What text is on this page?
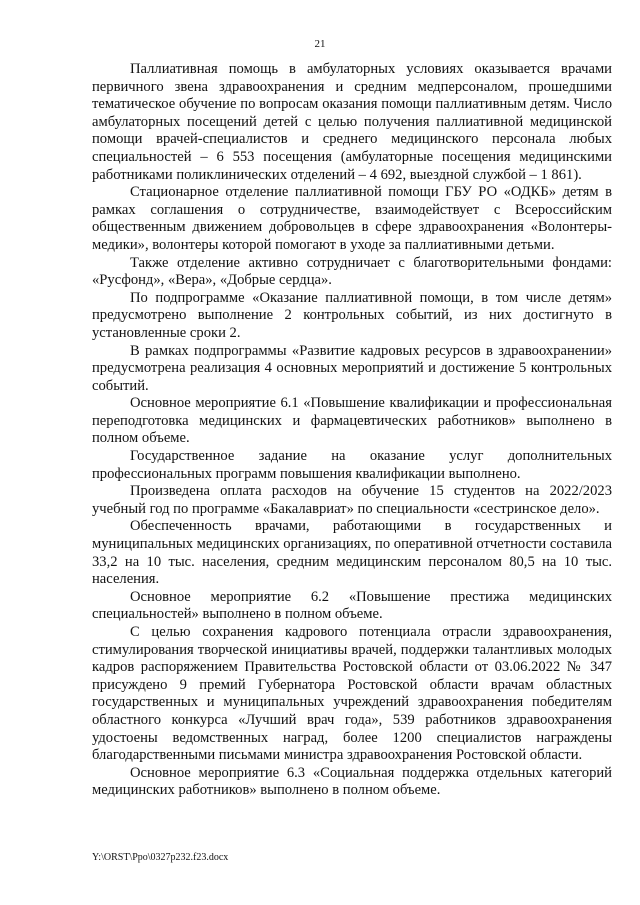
21

Паллиативная помощь в амбулаторных условиях оказывается врачами первичного звена здравоохранения и средним медперсоналом, прошедшими тематическое обучение по вопросам оказания помощи паллиативным детям. Число амбулаторных посещений детей с целью получения паллиативной медицинской помощи врачей-специалистов и среднего медицинского персонала любых специальностей – 6 553 посещения (амбулаторные посещения медицинскими работниками поликлинических отделений – 4 692, выездной службой – 1 861).

Стационарное отделение паллиативной помощи ГБУ РО «ОДКБ» детям в рамках соглашения о сотрудничестве, взаимодействует с Всероссийским общественным движением добровольцев в сфере здравоохранения «Волонтеры-медики», волонтеры которой помогают в уходе за паллиативными детьми.

Также отделение активно сотрудничает с благотворительными фондами: «Русфонд», «Вера», «Добрые сердца».

По подпрограмме «Оказание паллиативной помощи, в том числе детям» предусмотрено выполнение 2 контрольных событий, из них достигнуто в установленные сроки 2.

В рамках подпрограммы «Развитие кадровых ресурсов в здравоохранении» предусмотрена реализация 4 основных мероприятий и достижение 5 контрольных событий.

Основное мероприятие 6.1 «Повышение квалификации и профессиональная переподготовка медицинских и фармацевтических работников» выполнено в полном объеме.

Государственное задание на оказание услуг дополнительных профессиональных программ повышения квалификации выполнено.

Произведена оплата расходов на обучение 15 студентов на 2022/2023 учебный год по программе «Бакалавриат» по специальности «сестринское дело».

Обеспеченность врачами, работающими в государственных и муниципальных медицинских организациях, по оперативной отчетности составила 33,2 на 10 тыс. населения, средним медицинским персоналом 80,5 на 10 тыс. населения.

Основное мероприятие 6.2 «Повышение престижа медицинских специальностей» выполнено в полном объеме.

С целью сохранения кадрового потенциала отрасли здравоохранения, стимулирования творческой инициативы врачей, поддержки талантливых молодых кадров распоряжением Правительства Ростовской области от 03.06.2022 № 347 присуждено 9 премий Губернатора Ростовской области врачам областных государственных и муниципальных учреждений здравоохранения победителям областного конкурса «Лучший врач года», 539 работников здравоохранения удостоены ведомственных наград, более 1200 специалистов награждены благодарственными письмами министра здравоохранения Ростовской области.

Основное мероприятие 6.3 «Социальная поддержка отдельных категорий медицинских работников» выполнено в полном объеме.

Y:\ORST\Ppo\0327p232.f23.docx
